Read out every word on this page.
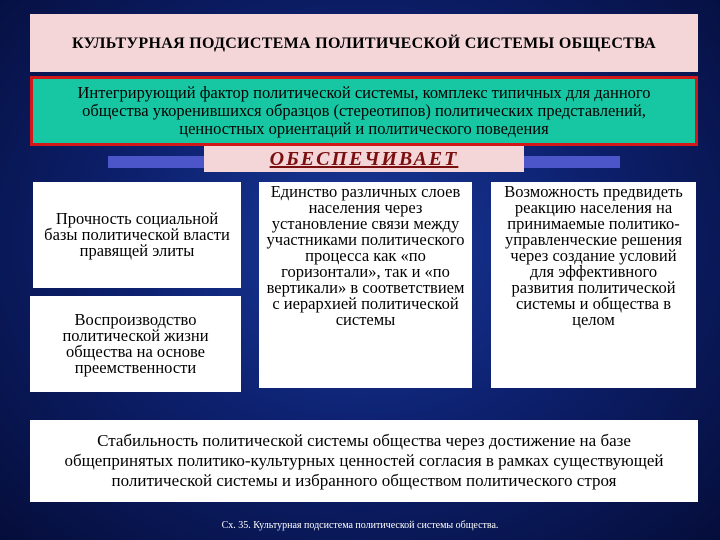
КУЛЬТУРНАЯ ПОДСИСТЕМА ПОЛИТИЧЕСКОЙ СИСТЕМЫ ОБЩЕСТВА
Интегрирующий фактор политической системы, комплекс типичных для данного общества укоренившихся образцов (стереотипов) политических представлений, ценностных ориентаций и политического поведения
ОБЕСПЕЧИВАЕТ
Прочность социальной базы политической власти правящей элиты
Воспроизводство политической жизни общества на основе преемственности
Единство различных слоев населения через установление связи между участниками политического процесса как «по горизонтали», так и «по вертикали» в соответствием с иерархией политической системы
Возможность предвидеть реакцию населения на принимаемые политико-управленческие решения через создание условий для эффективного развития политической системы и общества в целом
Стабильность политической системы общества через достижение на базе общепринятых политико-культурных ценностей согласия в рамках существующей политической системы и избранного обществом политического строя
Сх. 35. Культурная подсистема политической системы общества.
